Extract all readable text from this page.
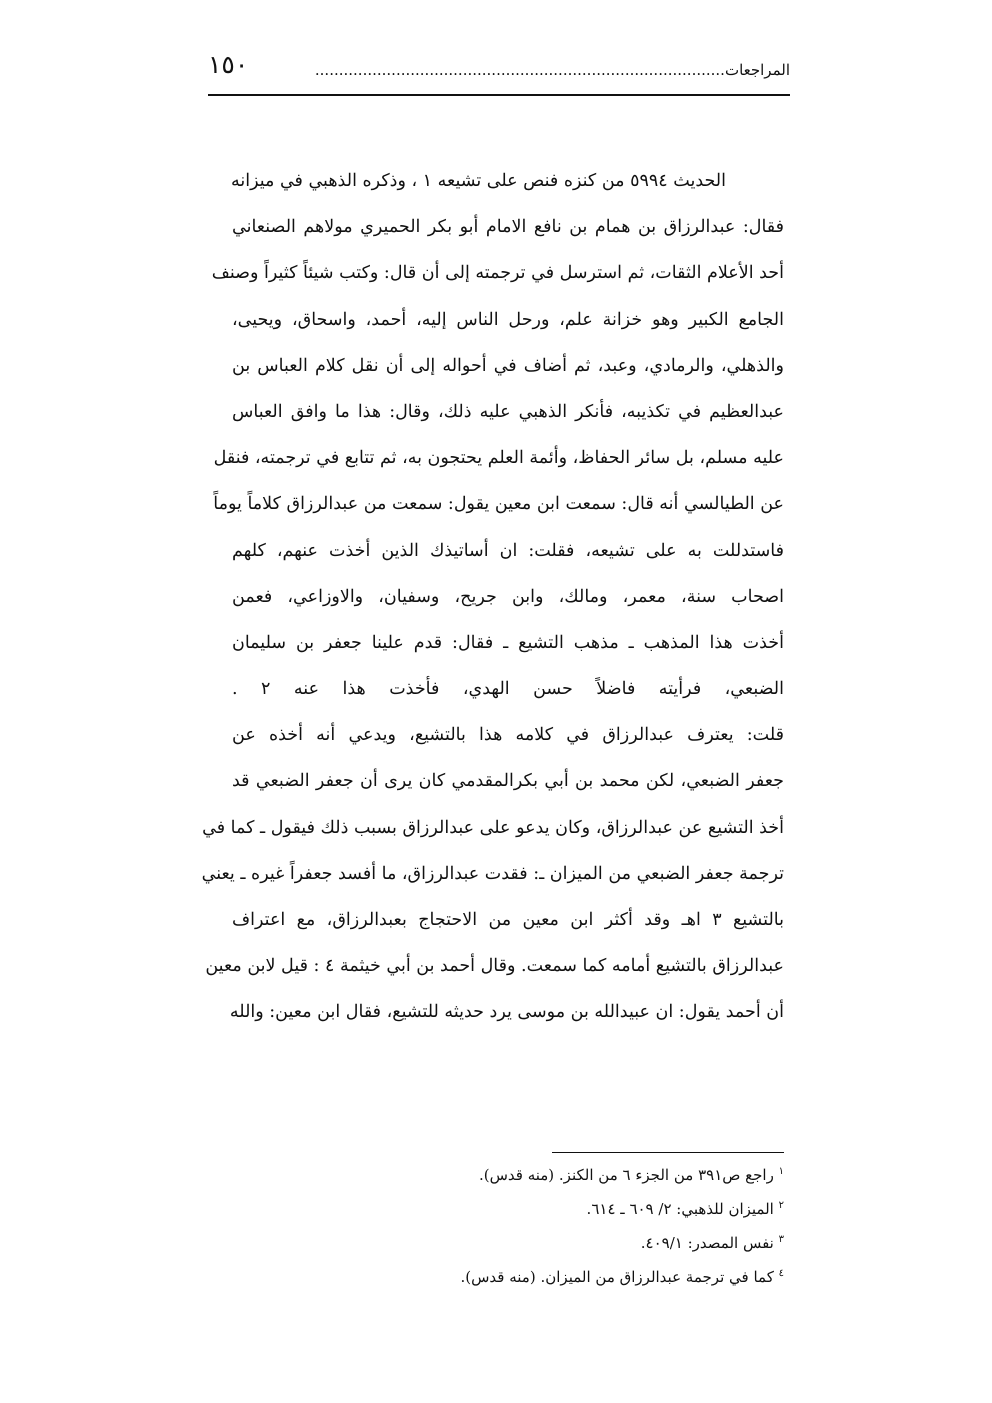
١٥٠	المراجعات......................................................................................
الحديث ٥٩٩٤ من كنزه فنص على تشيعه ١ ، وذكره الذهبي في ميزانه
فقال: عبدالرزاق بن همام بن نافع الامام أبو بكر الحميري مولاهم الصنعاني
أحد الأعلام الثقات، ثم استرسل في ترجمته إلى أن قال: وكتب شيئاً كثيراً وصنف
الجامع الكبير وهو خزانة علم، ورحل الناس إليه، أحمد، واسحاق، ويحيى،
والذهلي، والرمادي، وعبد، ثم أضاف في أحواله إلى أن نقل كلام العباس بن
عبدالعظيم في تكذيبه، فأنكر الذهبي عليه ذلك، وقال: هذا ما وافق العباس
عليه مسلم، بل سائر الحفاظ، وأئمة العلم يحتجون به، ثم تتابع في ترجمته، فنقل
عن الطيالسي أنه قال: سمعت ابن معين يقول: سمعت من عبدالرزاق كلاماً يوماً
فاستدللت به على تشيعه، فقلت: ان أساتيذك الذين أخذت عنهم، كلهم
اصحاب سنة، معمر، ومالك، وابن جريح، وسفيان، والاوزاعي، فعمن
أخذت هذا المذهب ـ مذهب التشيع ـ فقال: قدم علينا جعفر بن سليمان
الضبعي، فرأيته فاضلاً حسن الهدي، فأخذت هذا عنه ٢ .
قلت: يعترف عبدالرزاق في كلامه هذا بالتشيع، ويدعي أنه أخذه عن
جعفر الضبعي، لكن محمد بن أبي بكرالمقدمي كان يرى أن جعفر الضبعي قد
أخذ التشيع عن عبدالرزاق، وكان يدعو على عبدالرزاق بسبب ذلك فيقول ـ كما في
ترجمة جعفر الضبعي من الميزان ـ: فقدت عبدالرزاق، ما أفسد جعفراً غيره ـ يعني
بالتشيع ٣ اهـ وقد أكثر ابن معين من الاحتجاج بعبدالرزاق، مع اعتراف
عبدالرزاق بالتشيع أمامه كما سمعت. وقال أحمد بن أبي خيثمة ٤ : قيل لابن معين
أن أحمد يقول: ان عبيدالله بن موسى يرد حديثه للتشيع، فقال ابن معين: والله
$^١$ راجع ص٣٩١ من الجزء ٦ من الكنز. (منه قدس).
$^٢$ الميزان للذهبي: ٢/ ٦٠٩ ـ ٦١٤.
$^٣$ نفس المصدر: ٤٠٩/١.
$^٤$ كما في ترجمة عبدالرزاق من الميزان. (منه قدس).
